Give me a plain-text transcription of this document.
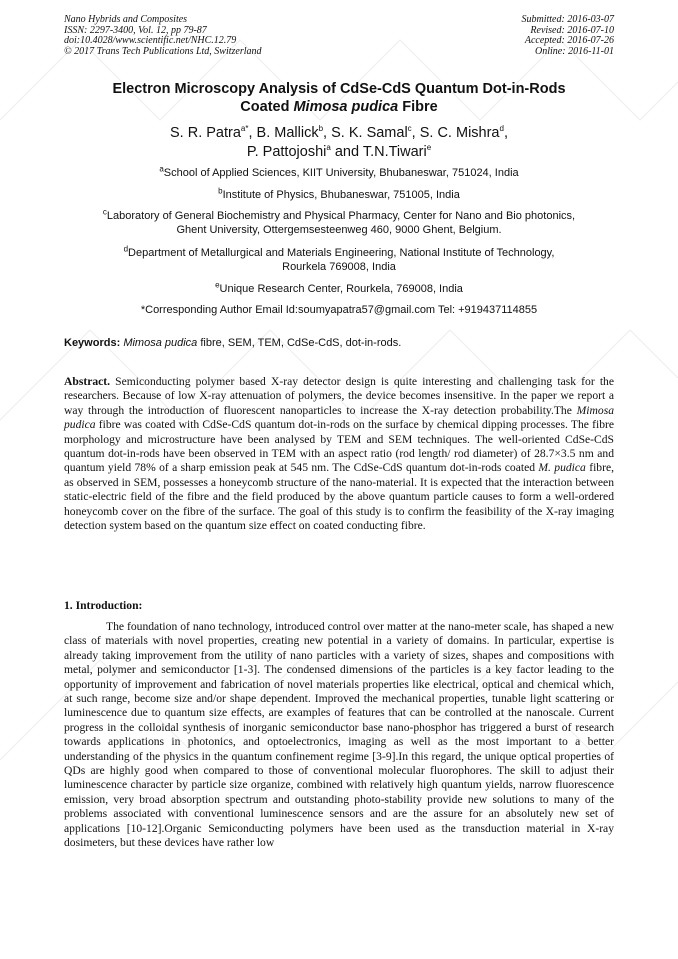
Nano Hybrids and Composites
ISSN: 2297-3400, Vol. 12, pp 79-87
doi:10.4028/www.scientific.net/NHC.12.79
© 2017 Trans Tech Publications Ltd, Switzerland
Submitted: 2016-03-07
Revised: 2016-07-10
Accepted: 2016-07-26
Online: 2016-11-01
Electron Microscopy Analysis of CdSe-CdS Quantum Dot-in-Rods
Coated Mimosa pudica Fibre
S. R. Patra$^{a*}$, B. Mallick$^b$, S. K. Samal$^c$, S. C. Mishra$^d$,
P. Pattojoshi$^a$ and T.N.Tiwari$^e$
$^a$School of Applied Sciences, KIIT University, Bhubaneswar, 751024, India
$^b$Institute of Physics, Bhubaneswar, 751005, India
$^c$Laboratory of General Biochemistry and Physical Pharmacy, Center for Nano and Bio photonics,
Ghent University, Ottergemsesteenweg 460, 9000 Ghent, Belgium.
$^d$Department of Metallurgical and Materials Engineering, National Institute of Technology,
Rourkela 769008, India
$^e$Unique Research Center, Rourkela, 769008, India
*Corresponding Author Email Id:soumyapatra57@gmail.com Tel: +919437114855
Keywords: Mimosa pudica fibre, SEM, TEM, CdSe-CdS, dot-in-rods.
Abstract. Semiconducting polymer based X-ray detector design is quite interesting and challenging task for the researchers. Because of low X-ray attenuation of polymers, the device becomes insensitive. In the paper we report a way through the introduction of fluorescent nanoparticles to increase the X-ray detection probability.The Mimosa pudica fibre was coated with CdSe-CdS quantum dot-in-rods on the surface by chemical dipping processes. The fibre morphology and microstructure have been analysed by TEM and SEM techniques. The well-oriented CdSe-CdS quantum dot-in-rods have been observed in TEM with an aspect ratio (rod length/ rod diameter) of 28.7×3.5 nm and quantum yield 78% of a sharp emission peak at 545 nm. The CdSe-CdS quantum dot-in-rods coated M. pudica fibre, as observed in SEM, possesses a honeycomb structure of the nano-material. It is expected that the interaction between static-electric field of the fibre and the field produced by the above quantum particle causes to form a well-ordered honeycomb cover on the fibre of the surface. The goal of this study is to confirm the feasibility of the X-ray imaging detection system based on the quantum size effect on coated conducting fibre.
1. Introduction:
The foundation of nano technology, introduced control over matter at the nano-meter scale, has shaped a new class of materials with novel properties, creating new potential in a variety of domains. In particular, expertise is already taking improvement from the utility of nano particles with a variety of sizes, shapes and compositions with metal, polymer and semiconductor [1-3]. The condensed dimensions of the particles is a key factor leading to the opportunity of improvement and fabrication of novel materials properties like electrical, optical and chemical which, at such range, become size and/or shape dependent. Improved the mechanical properties, tunable light scattering or luminescence due to quantum size effects, are examples of features that can be controlled at the nanoscale. Current progress in the colloidal synthesis of inorganic semiconductor base nano-phosphor has triggered a burst of research towards applications in photonics, and optoelectronics, imaging as well as the most important to a better understanding of the physics in the quantum confinement regime [3-9].In this regard, the unique optical properties of QDs are highly good when compared to those of conventional molecular fluorophores. The skill to adjust their luminescence character by particle size organize, combined with relatively high quantum yields, narrow fluorescence emission, very broad absorption spectrum and outstanding photo-stability provide new solutions to many of the problems associated with conventional luminescence sensors and are the assure for an absolutely new set of applications [10-12].Organic Semiconducting polymers have been used as the transduction material in X-ray dosimeters, but these devices have rather low
